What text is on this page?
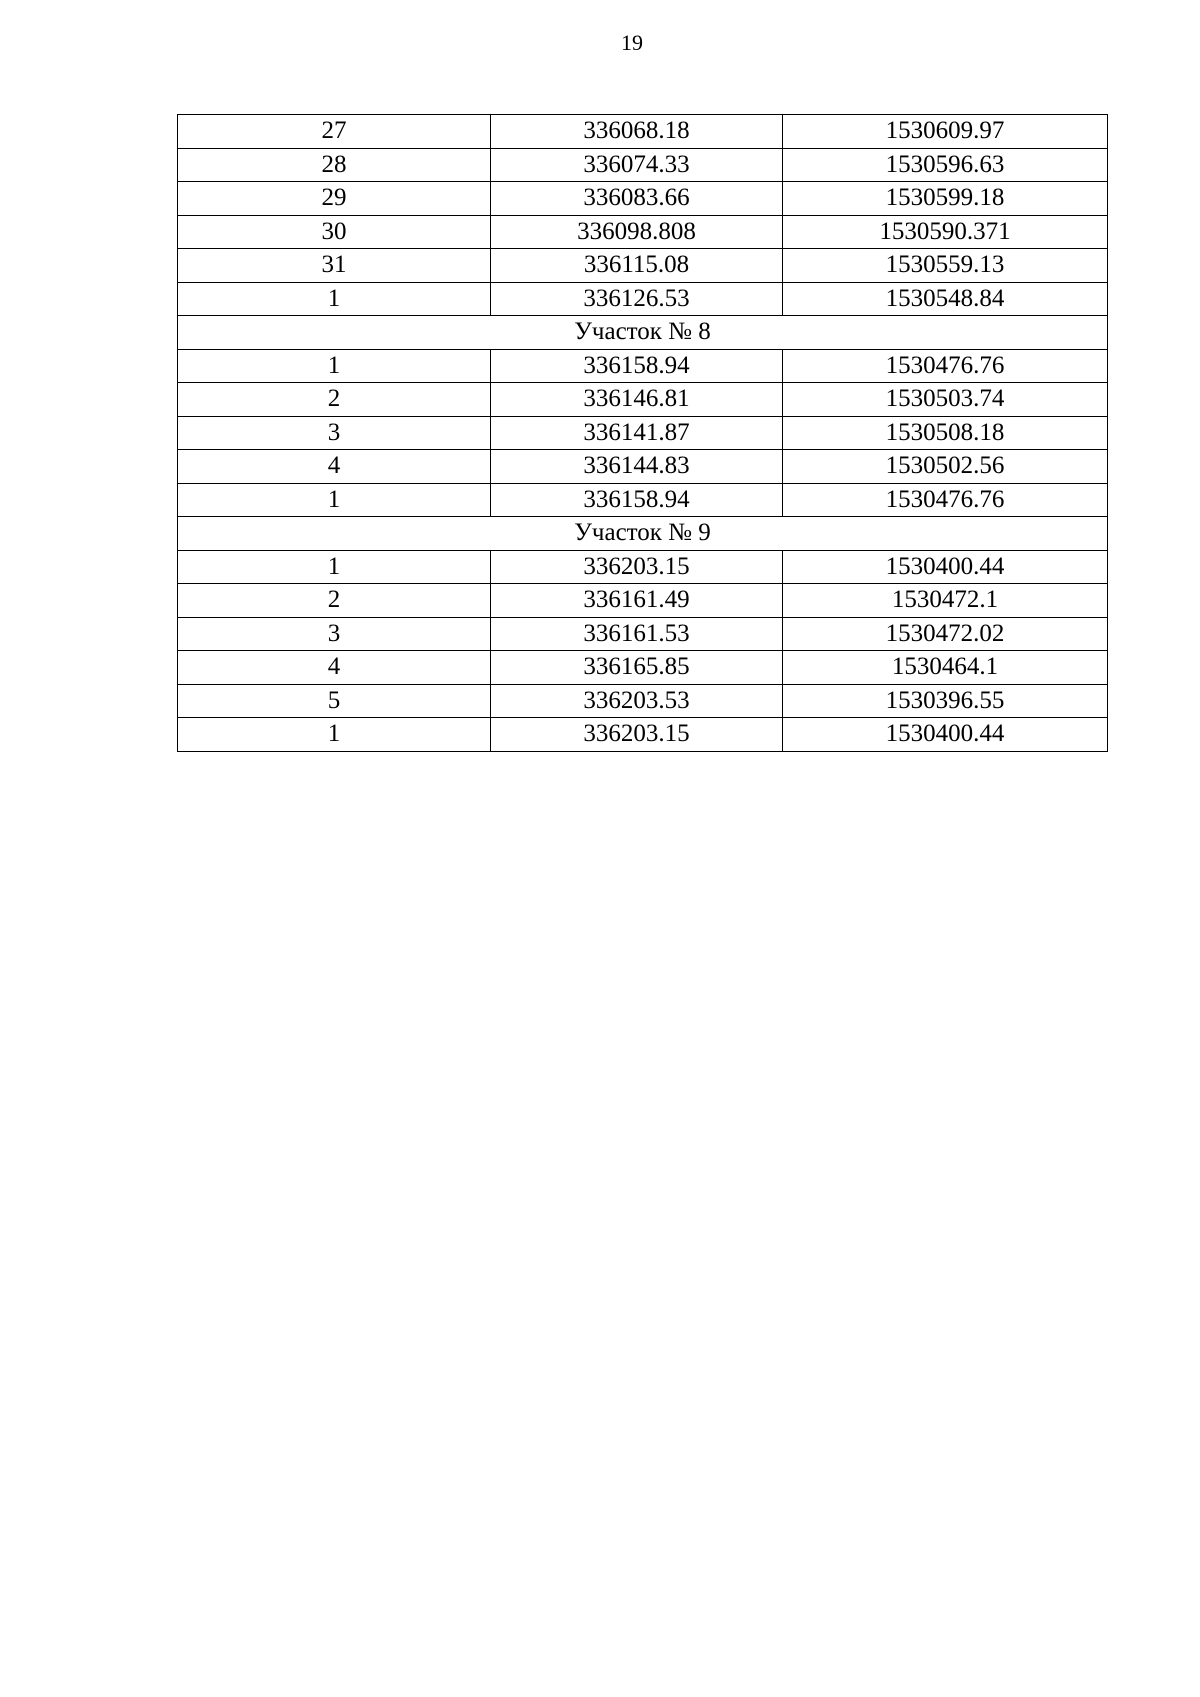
19
27	336068.18	1530609.97
28	336074.33	1530596.63
29	336083.66	1530599.18
30	336098.808	1530590.371
31	336115.08	1530559.13
1	336126.53	1530548.84
Участок № 8		
1	336158.94	1530476.76
2	336146.81	1530503.74
3	336141.87	1530508.18
4	336144.83	1530502.56
1	336158.94	1530476.76
Участок № 9		
1	336203.15	1530400.44
2	336161.49	1530472.1
3	336161.53	1530472.02
4	336165.85	1530464.1
5	336203.53	1530396.55
1	336203.15	1530400.44
